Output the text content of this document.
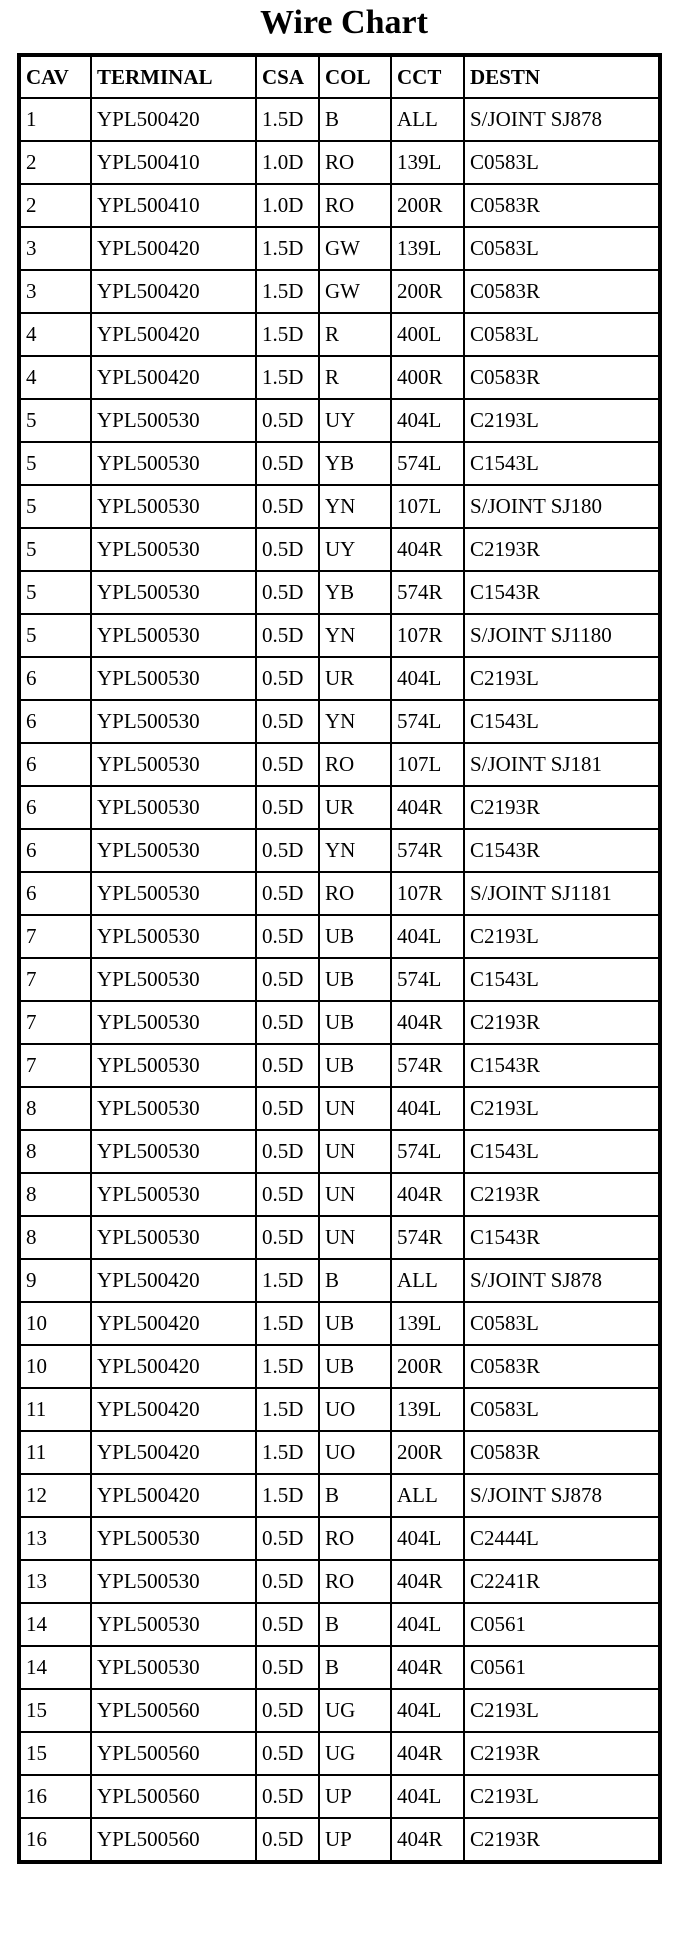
Wire Chart
CAV	TERMINAL	CSA	COL	CCT	DESTN
1	YPL500420	1.5D	B	ALL	S/JOINT SJ878
2	YPL500410	1.0D	RO	139L	C0583L
2	YPL500410	1.0D	RO	200R	C0583R
3	YPL500420	1.5D	GW	139L	C0583L
3	YPL500420	1.5D	GW	200R	C0583R
4	YPL500420	1.5D	R	400L	C0583L
4	YPL500420	1.5D	R	400R	C0583R
5	YPL500530	0.5D	UY	404L	C2193L
5	YPL500530	0.5D	YB	574L	C1543L
5	YPL500530	0.5D	YN	107L	S/JOINT SJ180
5	YPL500530	0.5D	UY	404R	C2193R
5	YPL500530	0.5D	YB	574R	C1543R
5	YPL500530	0.5D	YN	107R	S/JOINT SJ1180
6	YPL500530	0.5D	UR	404L	C2193L
6	YPL500530	0.5D	YN	574L	C1543L
6	YPL500530	0.5D	RO	107L	S/JOINT SJ181
6	YPL500530	0.5D	UR	404R	C2193R
6	YPL500530	0.5D	YN	574R	C1543R
6	YPL500530	0.5D	RO	107R	S/JOINT SJ1181
7	YPL500530	0.5D	UB	404L	C2193L
7	YPL500530	0.5D	UB	574L	C1543L
7	YPL500530	0.5D	UB	404R	C2193R
7	YPL500530	0.5D	UB	574R	C1543R
8	YPL500530	0.5D	UN	404L	C2193L
8	YPL500530	0.5D	UN	574L	C1543L
8	YPL500530	0.5D	UN	404R	C2193R
8	YPL500530	0.5D	UN	574R	C1543R
9	YPL500420	1.5D	B	ALL	S/JOINT SJ878
10	YPL500420	1.5D	UB	139L	C0583L
10	YPL500420	1.5D	UB	200R	C0583R
11	YPL500420	1.5D	UO	139L	C0583L
11	YPL500420	1.5D	UO	200R	C0583R
12	YPL500420	1.5D	B	ALL	S/JOINT SJ878
13	YPL500530	0.5D	RO	404L	C2444L
13	YPL500530	0.5D	RO	404R	C2241R
14	YPL500530	0.5D	B	404L	C0561
14	YPL500530	0.5D	B	404R	C0561
15	YPL500560	0.5D	UG	404L	C2193L
15	YPL500560	0.5D	UG	404R	C2193R
16	YPL500560	0.5D	UP	404L	C2193L
16	YPL500560	0.5D	UP	404R	C2193R
